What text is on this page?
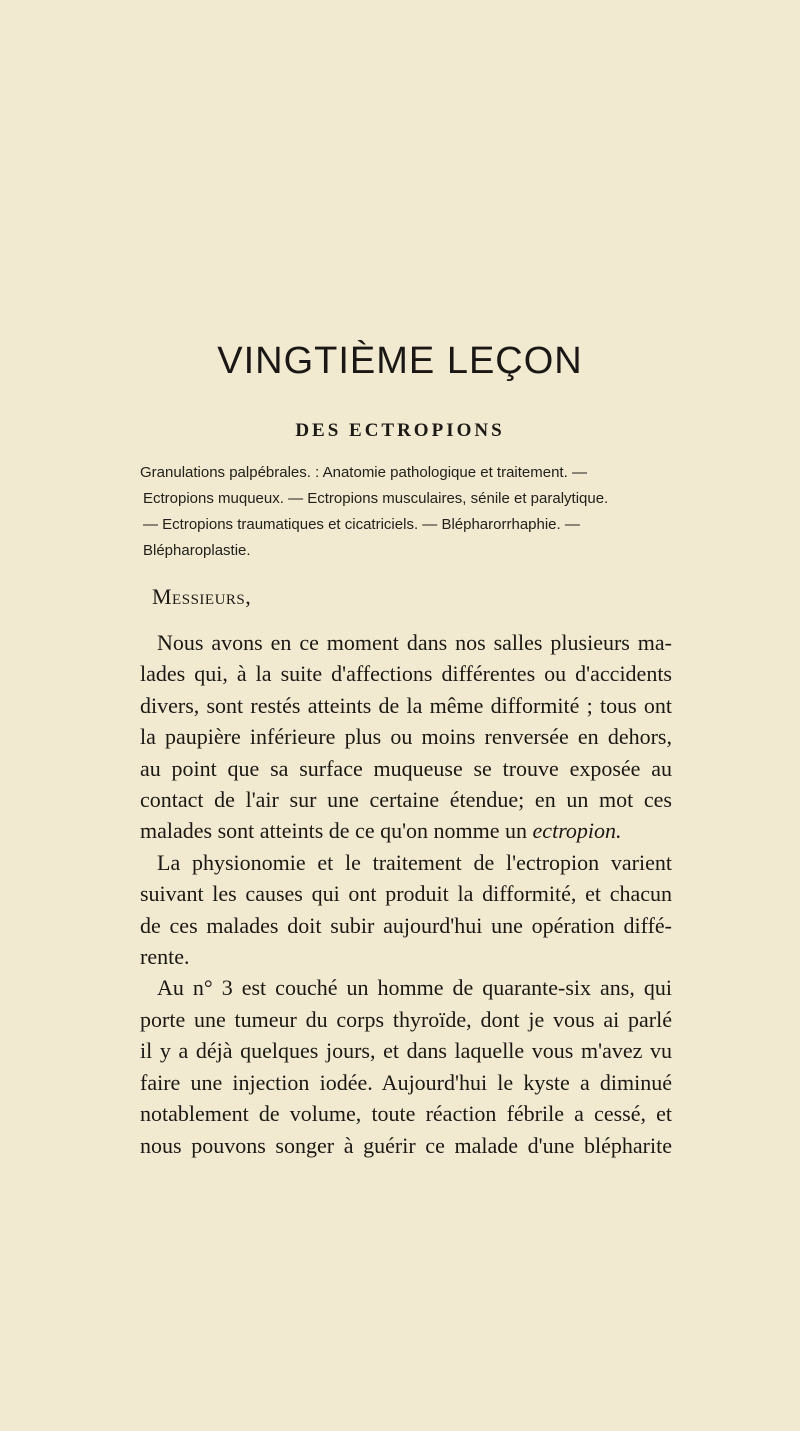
VINGTIÈME LEÇON
DES ECTROPIONS
Granulations palpébrales. : Anatomie pathologique et traitement. —
Ectropions muqueux. — Ectropions musculaires, sénile et paralytique.
— Ectropions traumatiques et cicatriciels. — Blépharorrhaphie. —
Blépharoplastie.
Messieurs,
Nous avons en ce moment dans nos salles plusieurs ma-
lades qui, à la suite d'affections différentes ou d'accidents
divers, sont restés atteints de la même difformité ; tous ont
la paupière inférieure plus ou moins renversée en dehors,
au point que sa surface muqueuse se trouve exposée au
contact de l'air sur une certaine étendue; en un mot ces
malades sont atteints de ce qu'on nomme un ectropion.
La physionomie et le traitement de l'ectropion varient
suivant les causes qui ont produit la difformité, et chacun
de ces malades doit subir aujourd'hui une opération diffé-
rente.
Au n° 3 est couché un homme de quarante-six ans, qui
porte une tumeur du corps thyroïde, dont je vous ai parlé
il y a déjà quelques jours, et dans laquelle vous m'avez vu
faire une injection iodée. Aujourd'hui le kyste a diminué
notablement de volume, toute réaction fébrile a cessé, et
nous pouvons songer à guérir ce malade d'une blépharite
